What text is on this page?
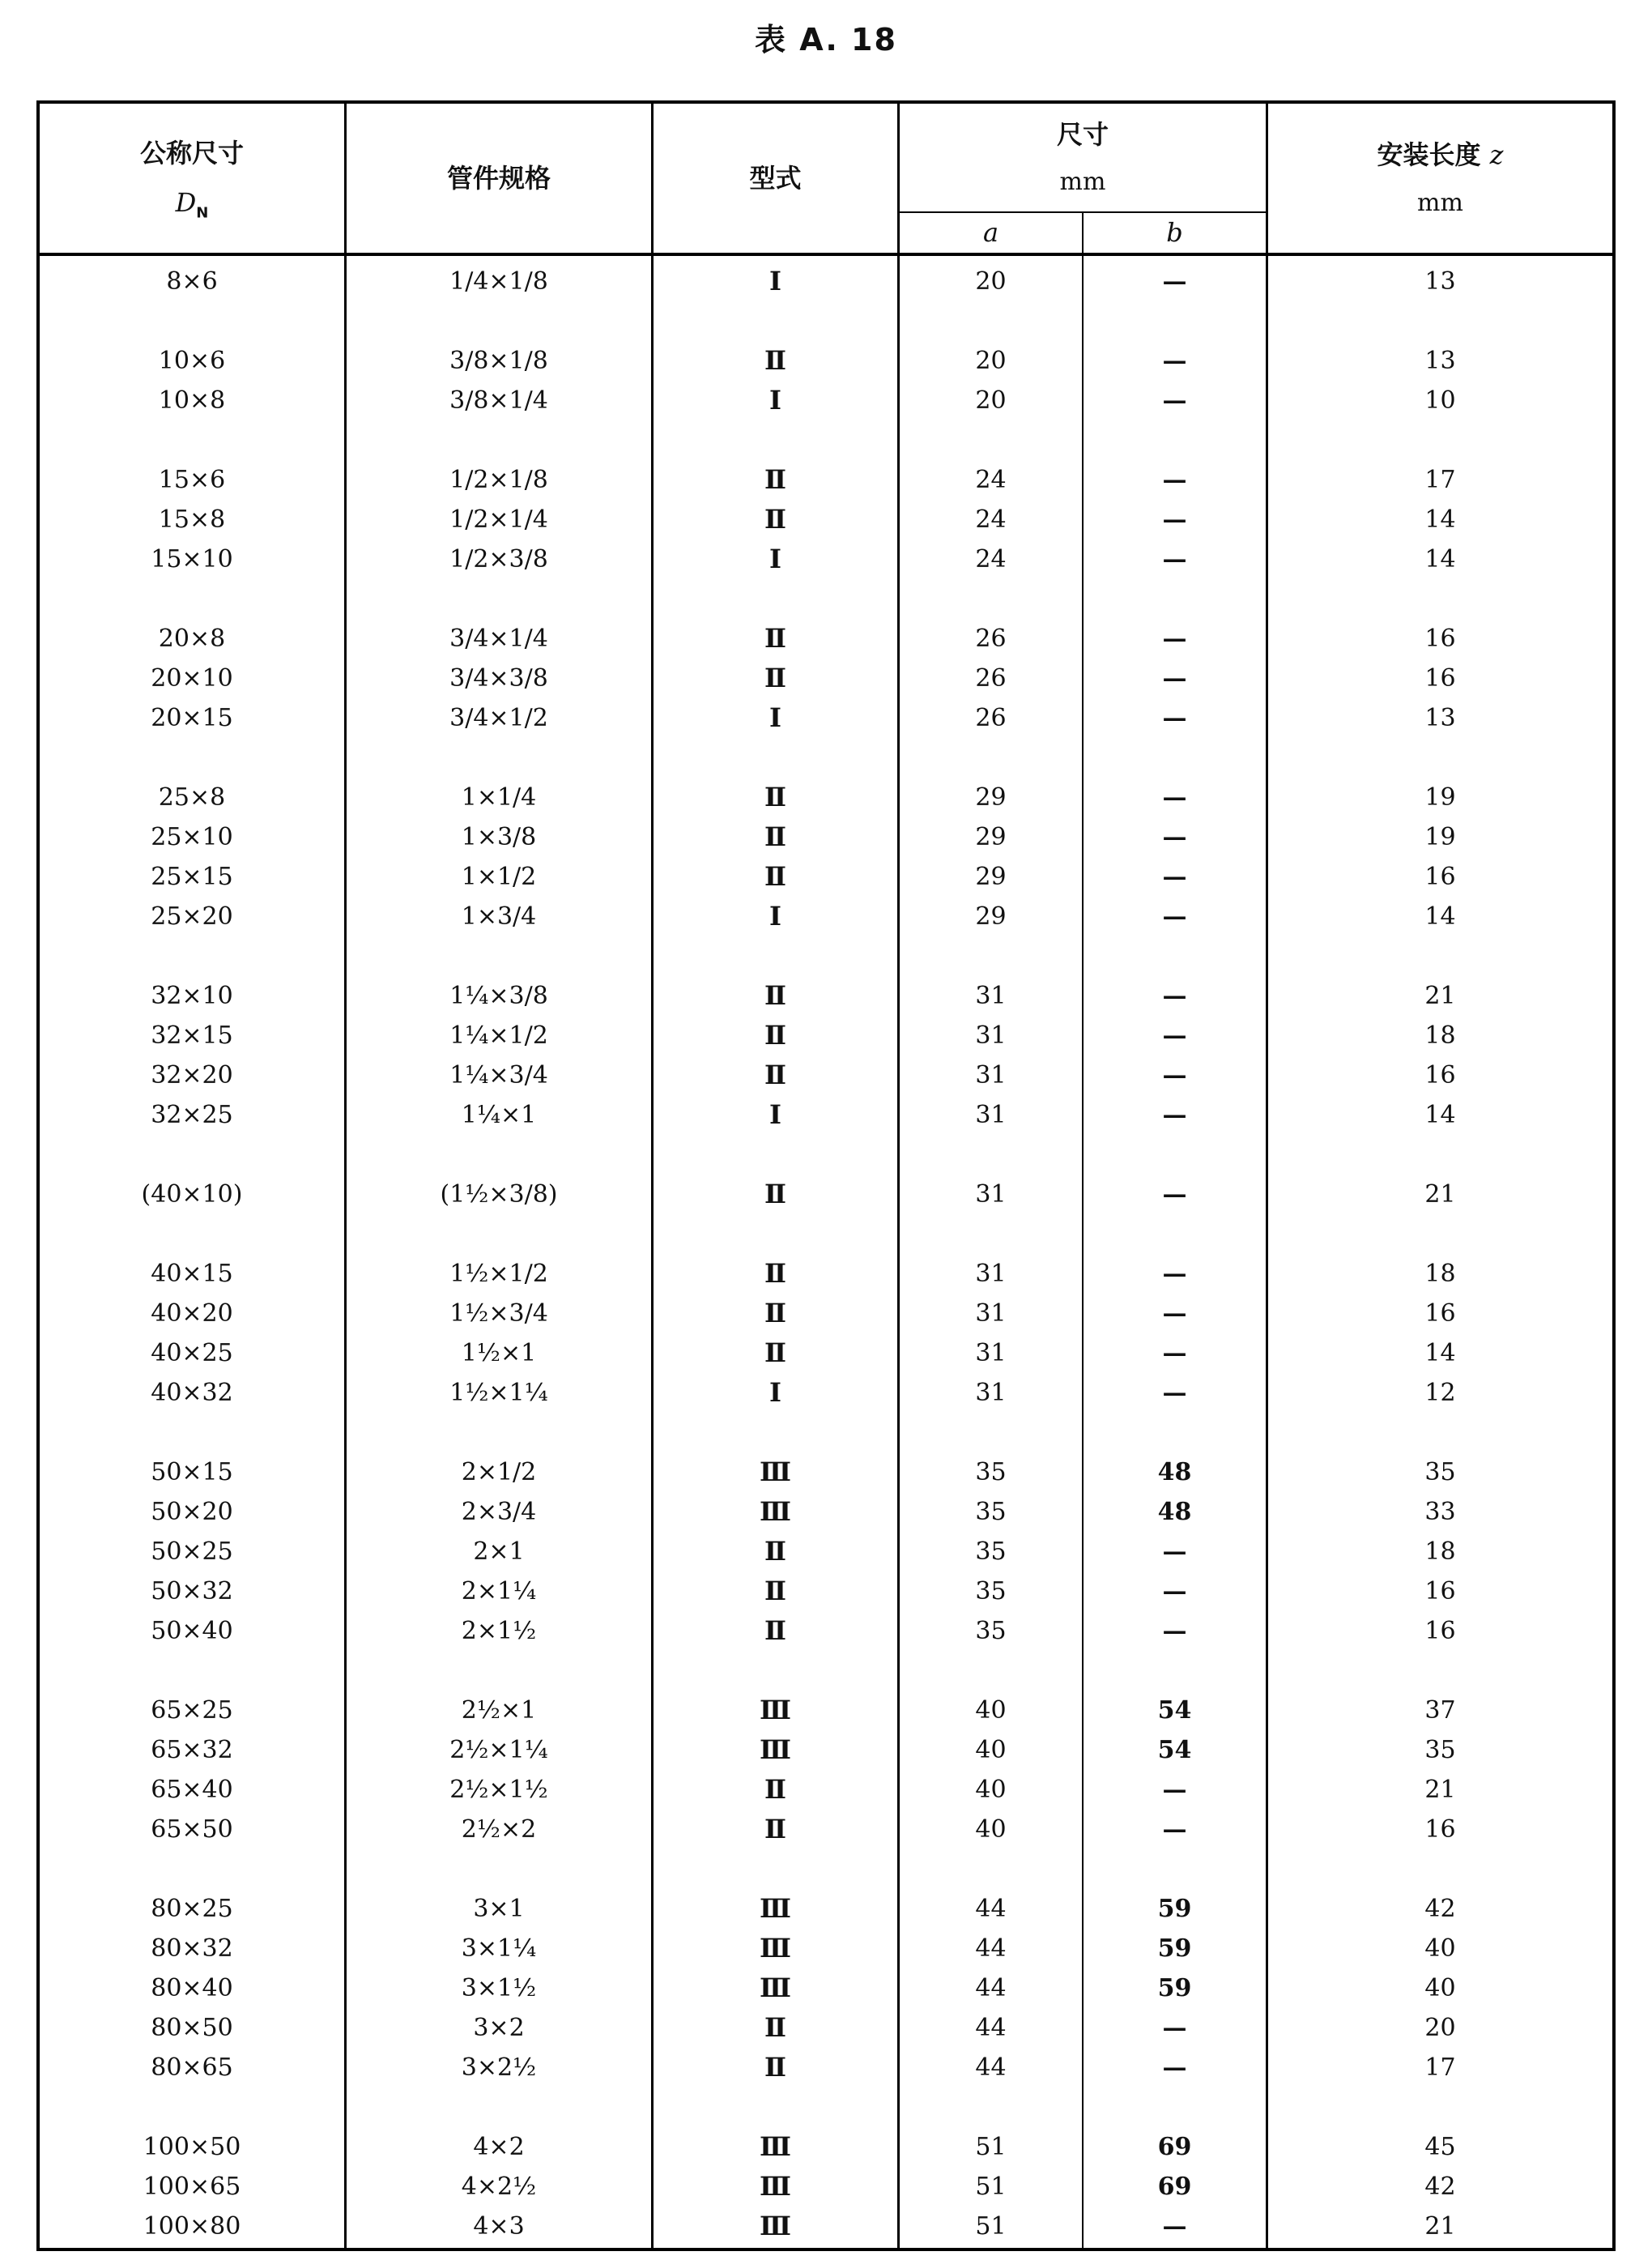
表 A. 18
公称尺寸
$D_N$
管件规格	型式
尺寸
mm
a	b
安装长度 z
mm
8×6	1/4×1/8	Ⅰ	20	—	13
10×6	3/8×1/8	Ⅱ	20	—	13
10×8	3/8×1/4	Ⅰ	20	—	10
15×6	1/2×1/8	Ⅱ	24	—	17
15×8	1/2×1/4	Ⅱ	24	—	14
15×10	1/2×3/8	Ⅰ	24	—	14
20×8	3/4×1/4	Ⅱ	26	—	16
20×10	3/4×3/8	Ⅱ	26	—	16
20×15	3/4×1/2	Ⅰ	26	—	13
25×8	1×1/4	Ⅱ	29	—	19
25×10	1×3/8	Ⅱ	29	—	19
25×15	1×1/2	Ⅱ	29	—	16
25×20	1×3/4	Ⅰ	29	—	14
32×10	1¼×3/8	Ⅱ	31	—	21
32×15	1¼×1/2	Ⅱ	31	—	18
32×20	1¼×3/4	Ⅱ	31	—	16
32×25	1¼×1	Ⅰ	31	—	14
(40×10)	(1½×3/8)	Ⅱ	31	—	21
40×15	1½×1/2	Ⅱ	31	—	18
40×20	1½×3/4	Ⅱ	31	—	16
40×25	1½×1	Ⅱ	31	—	14
40×32	1½×1¼	Ⅰ	31	—	12
50×15	2×1/2	Ⅲ	35	48	35
50×20	2×3/4	Ⅲ	35	48	33
50×25	2×1	Ⅱ	35	—	18
50×32	2×1¼	Ⅱ	35	—	16
50×40	2×1½	Ⅱ	35	—	16
65×25	2½×1	Ⅲ	40	54	37
65×32	2½×1¼	Ⅲ	40	54	35
65×40	2½×1½	Ⅱ	40	—	21
65×50	2½×2	Ⅱ	40	—	16
80×25	3×1	Ⅲ	44	59	42
80×32	3×1¼	Ⅲ	44	59	40
80×40	3×1½	Ⅲ	44	59	40
80×50	3×2	Ⅱ	44	—	20
80×65	3×2½	Ⅱ	44	—	17
100×50	4×2	Ⅲ	51	69	45
100×65	4×2½	Ⅲ	51	69	42
100×80	4×3	Ⅲ	51	—	21
